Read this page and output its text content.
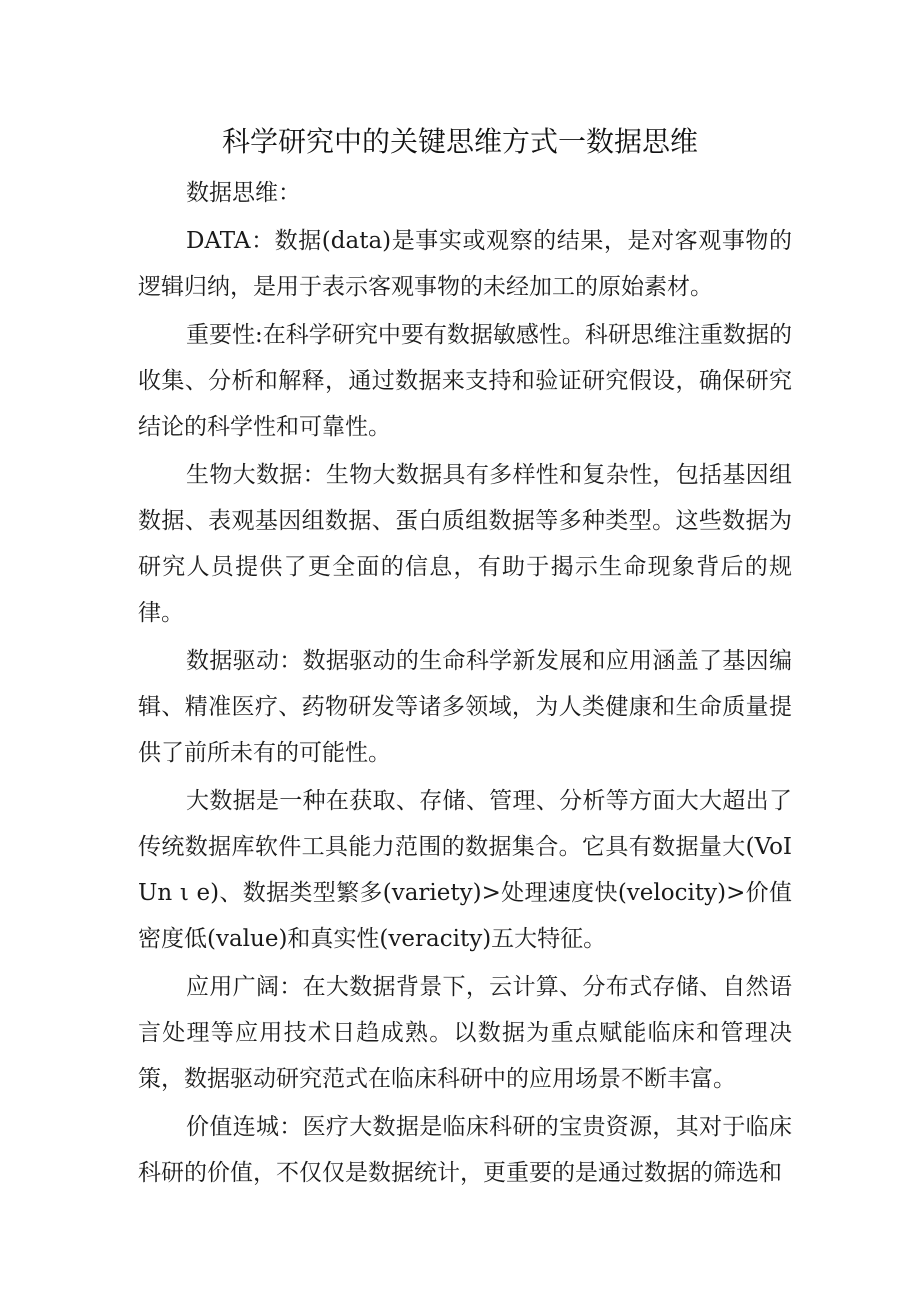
科学研究中的关键思维方式一数据思维

数据思维：

DATA：数据(data)是事实或观察的结果，是对客观事物的逻辑归纳，是用于表示客观事物的未经加工的原始素材。

重要性:在科学研究中要有数据敏感性。科研思维注重数据的收集、分析和解释，通过数据来支持和验证研究假设，确保研究结论的科学性和可靠性。

生物大数据：生物大数据具有多样性和复杂性，包括基因组数据、表观基因组数据、蛋白质组数据等多种类型。这些数据为研究人员提供了更全面的信息，有助于揭示生命现象背后的规律。

数据驱动：数据驱动的生命科学新发展和应用涵盖了基因编辑、精准医疗、药物研发等诸多领域，为人类健康和生命质量提供了前所未有的可能性。

大数据是一种在获取、存储、管理、分析等方面大大超出了传统数据库软件工具能力范围的数据集合。它具有数据量大(VoIUn ι e)、数据类型繁多(variety)>处理速度快(velocity)>价值密度低(value)和真实性(veracity)五大特征。

应用广阔：在大数据背景下，云计算、分布式存储、自然语言处理等应用技术日趋成熟。以数据为重点赋能临床和管理决策，数据驱动研究范式在临床科研中的应用场景不断丰富。

价值连城：医疗大数据是临床科研的宝贵资源，其对于临床科研的价值，不仅仅是数据统计，更重要的是通过数据的筛选和
